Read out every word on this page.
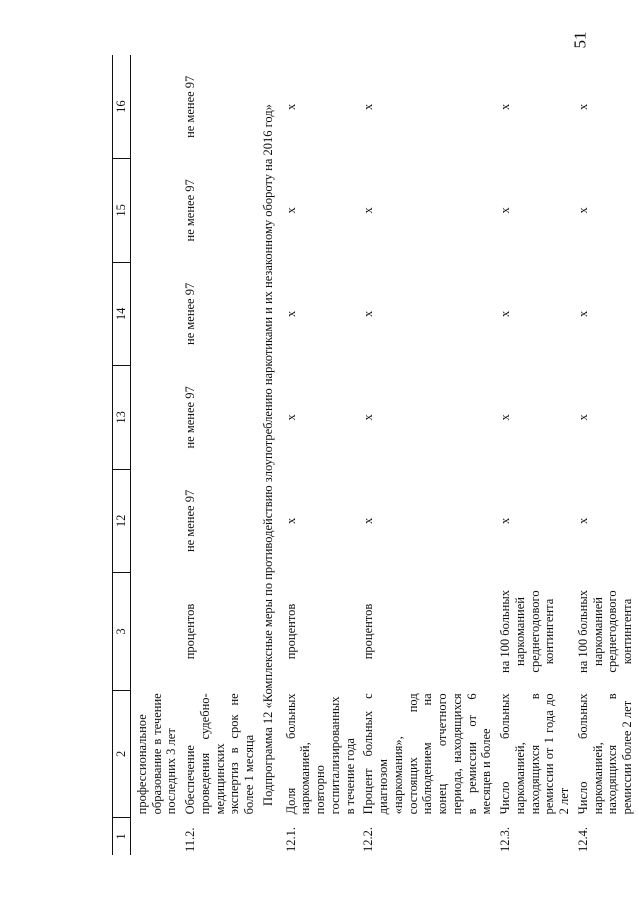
51
1	2	3	12	13	14	15	16
	профессиональное образование в течение последних 3 лет						
11.2.	Обеспечение проведения судебно-медицинских экспертиз в срок не более 1 месяца	процентов	не менее 97	не менее 97	не менее 97	не менее 97	не менее 97

Подпрограмма 12 «Комплексные меры по противодействию злоупотреблению наркотиками и их незаконному обороту на 2016 год»							

12.1.	Доля больных наркоманией, повторно госпитализированных в течение года	процентов	х	х	х	х	х
12.2.	Процент больных с диагнозом «наркомания», состоящих под наблюдением на конец отчетного периода, находящихся в ремиссии от 6 месяцев и более	процентов	х	х	х	х	х
12.3.	Число больных наркоманией, находящихся в ремиссии от 1 года до 2 лет	на 100 больных наркоманией среднегодового контингента	х	х	х	х	х
12.4.	Число больных наркоманией, находящихся в ремиссии более 2 лет	на 100 больных наркоманией среднегодового контингента	х	х	х	х	х
